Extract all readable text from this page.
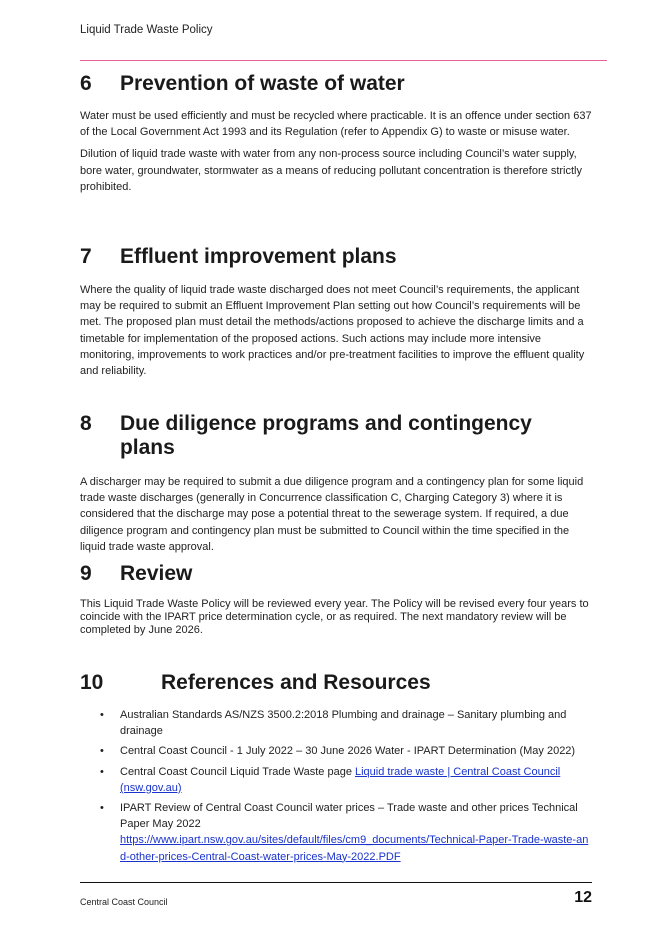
Liquid Trade Waste Policy
6	Prevention of waste of water

Water must be used efficiently and must be recycled where practicable. It is an offence under section 637 of the Local Government Act 1993 and its Regulation (refer to Appendix G) to waste or misuse water.

Dilution of liquid trade waste with water from any non-process source including Council’s water supply, bore water, groundwater, stormwater as a means of reducing pollutant concentration is therefore strictly prohibited.

7	Effluent improvement plans

Where the quality of liquid trade waste discharged does not meet Council’s requirements, the applicant may be required to submit an Effluent Improvement Plan setting out how Council’s requirements will be met. The proposed plan must detail the methods/actions proposed to achieve the discharge limits and a timetable for implementation of the proposed actions. Such actions may include more intensive monitoring, improvements to work practices and/or pre-treatment facilities to improve the effluent quality and reliability.

8	Due diligence programs and contingency plans

A discharger may be required to submit a due diligence program and a contingency plan for some liquid trade waste discharges (generally in Concurrence classification C, Charging Category 3) where it is considered that the discharge may pose a potential threat to the sewerage system. If required, a due diligence program and contingency plan must be submitted to Council within the time specified in the liquid trade waste approval.

9	Review

This Liquid Trade Waste Policy will be reviewed every year. The Policy will be revised every four years to coincide with the IPART price determination cycle, or as required. The next mandatory review will be completed by June 2026.

10	References and Resources
• Australian Standards AS/NZS 3500.2:2018 Plumbing and drainage – Sanitary plumbing and drainage
• Central Coast Council - 1 July 2022 – 30 June 2026 Water - IPART Determination (May 2022)
• Central Coast Council Liquid Trade Waste page Liquid trade waste | Central Coast Council (nsw.gov.au)
• IPART Review of Central Coast Council water prices – Trade waste and other prices Technical Paper May 2022
https://www.ipart.nsw.gov.au/sites/default/files/cm9_documents/Technical-Paper-Trade-waste-and-other-prices-Central-Coast-water-prices-May-2022.PDF
Central Coast Council	12
